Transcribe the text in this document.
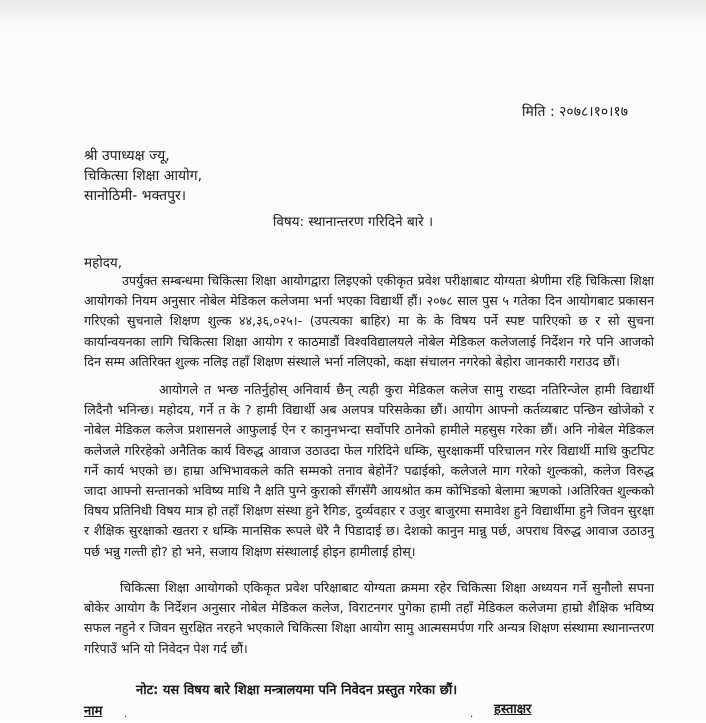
मिति : २०७८।१०।१७
श्री उपाध्यक्ष ज्यू,
चिकित्सा शिक्षा आयोग,
सानोठिमी- भक्तपुर।
विषय: स्थानान्तरण गरिदिने बारे ।
महोदय,
उपर्युक्त सम्बन्धमा चिकित्सा शिक्षा आयोगद्वारा लिइएको एकीकृत प्रवेश परीक्षाबाट योग्यता श्रेणीमा रहि चिकित्सा शिक्षा आयोगको नियम अनुसार नोबेल मेडिकल कलेजमा भर्ना भएका विद्यार्थी हौं। २०७८ साल पुस ५ गतेका दिन आयोगबाट प्रकासन गरिएको सुचनाले शिक्षण शुल्क ४४,३६,०२५।- (उपत्यका बाहिर) मा के के विषय पर्ने स्पष्ट पारिएको छ र सो सुचना कार्यान्वयनका लागि चिकित्सा शिक्षा आयोग र काठमाडौं विश्वविद्यालयले नोबेल मेडिकल कलेजलाई निर्देशन गरे पनि आजको दिन सम्म अतिरिक्त शुल्क नलिइ तहाँ शिक्षण संस्थाले भर्ना नलिएको, कक्षा संचालन नगरेको बेहोरा जानकारी गराउद छौं।
आयोगले त भन्छ नतिर्नुहोस् अनिवार्य छैन् त्यही कुरा मेडिकल कलेज सामु राख्दा नतिरिन्जेल हामी विद्यार्थी लिदैनौ भनिन्छ। महोदय, गर्ने त के ? हामी विद्यार्थी अब अलपत्र परिसकेका छौं। आयोग आफ्नो कर्तव्यबाट पन्छिन खोजेको र नोबेल मेडिकल कलेज प्रशासनले आफुलाई ऐन र कानुनभन्दा सर्वोपरि ठानेको हामीले महसुस गरेका छौं। अनि नोबेल मेडिकल कलेजले गरिरहेको अनैतिक कार्य विरुद्ध आवाज उठाउदा फेल गरिदिने धम्कि, सुरक्षाकर्मी परिचालन गरेर विद्यार्थी माथि कुटपिट गर्ने कार्य भएको छ। हाम्रा अभिभावकले कति सम्मको तनाव बेहोर्ने? पढाईको, कलेजले माग गरेको शुल्कको, कलेज विरुद्ध जादा आफ्नो सन्तानको भविष्य माथि नै क्षति पुग्ने कुराको सँगसँगै आयश्रोत कम कोभिडको बेलामा ऋणको ।अतिरिक्त शुल्कको विषय प्रतिनिधी विषय मात्र हो तहाँ शिक्षण संस्था हुने रैगिङ, दुर्व्यवहार र उजुर बाजुरमा समावेश हुने विद्यार्थीमा हुने जिवन सुरक्षा र शैक्षिक सुरक्षाको खतरा र धम्कि मानसिक रूपले धेरै नै पिडादाई छ। देशको कानुन मान्नु पर्छ, अपराध विरुद्ध आवाज उठाउनु पर्छ भन्नु गल्ती हो? हो भने, सजाय शिक्षण संस्थालाई होइन हामीलाई होस्।
चिकित्सा शिक्षा आयोगको एकिकृत प्रवेश परिक्षाबाट योग्यता क्रममा रहेर चिकित्सा शिक्षा अध्ययन गर्ने सुनौलो सपना बोकेर आयोग कै निर्देशन अनुसार नोबेल मेडिकल कलेज, विराटनगर पुगेका हामी तहाँ मेडिकल कलेजमा हाम्रो शैक्षिक भविष्य सफल नहुने र जिवन सुरक्षित नरहने भएकाले चिकित्सा शिक्षा आयोग सामु आत्मसमर्पण गरि अन्यत्र शिक्षण संस्थामा स्थानान्तरण गरिपाउँ भनि यो निवेदन पेश गर्द छौं।
नोट: यस विषय बारे शिक्षा मन्त्रालयमा पनि निवेदन प्रस्तुत गरेका छौं।
नाम	हस्ताक्षर
·	·
